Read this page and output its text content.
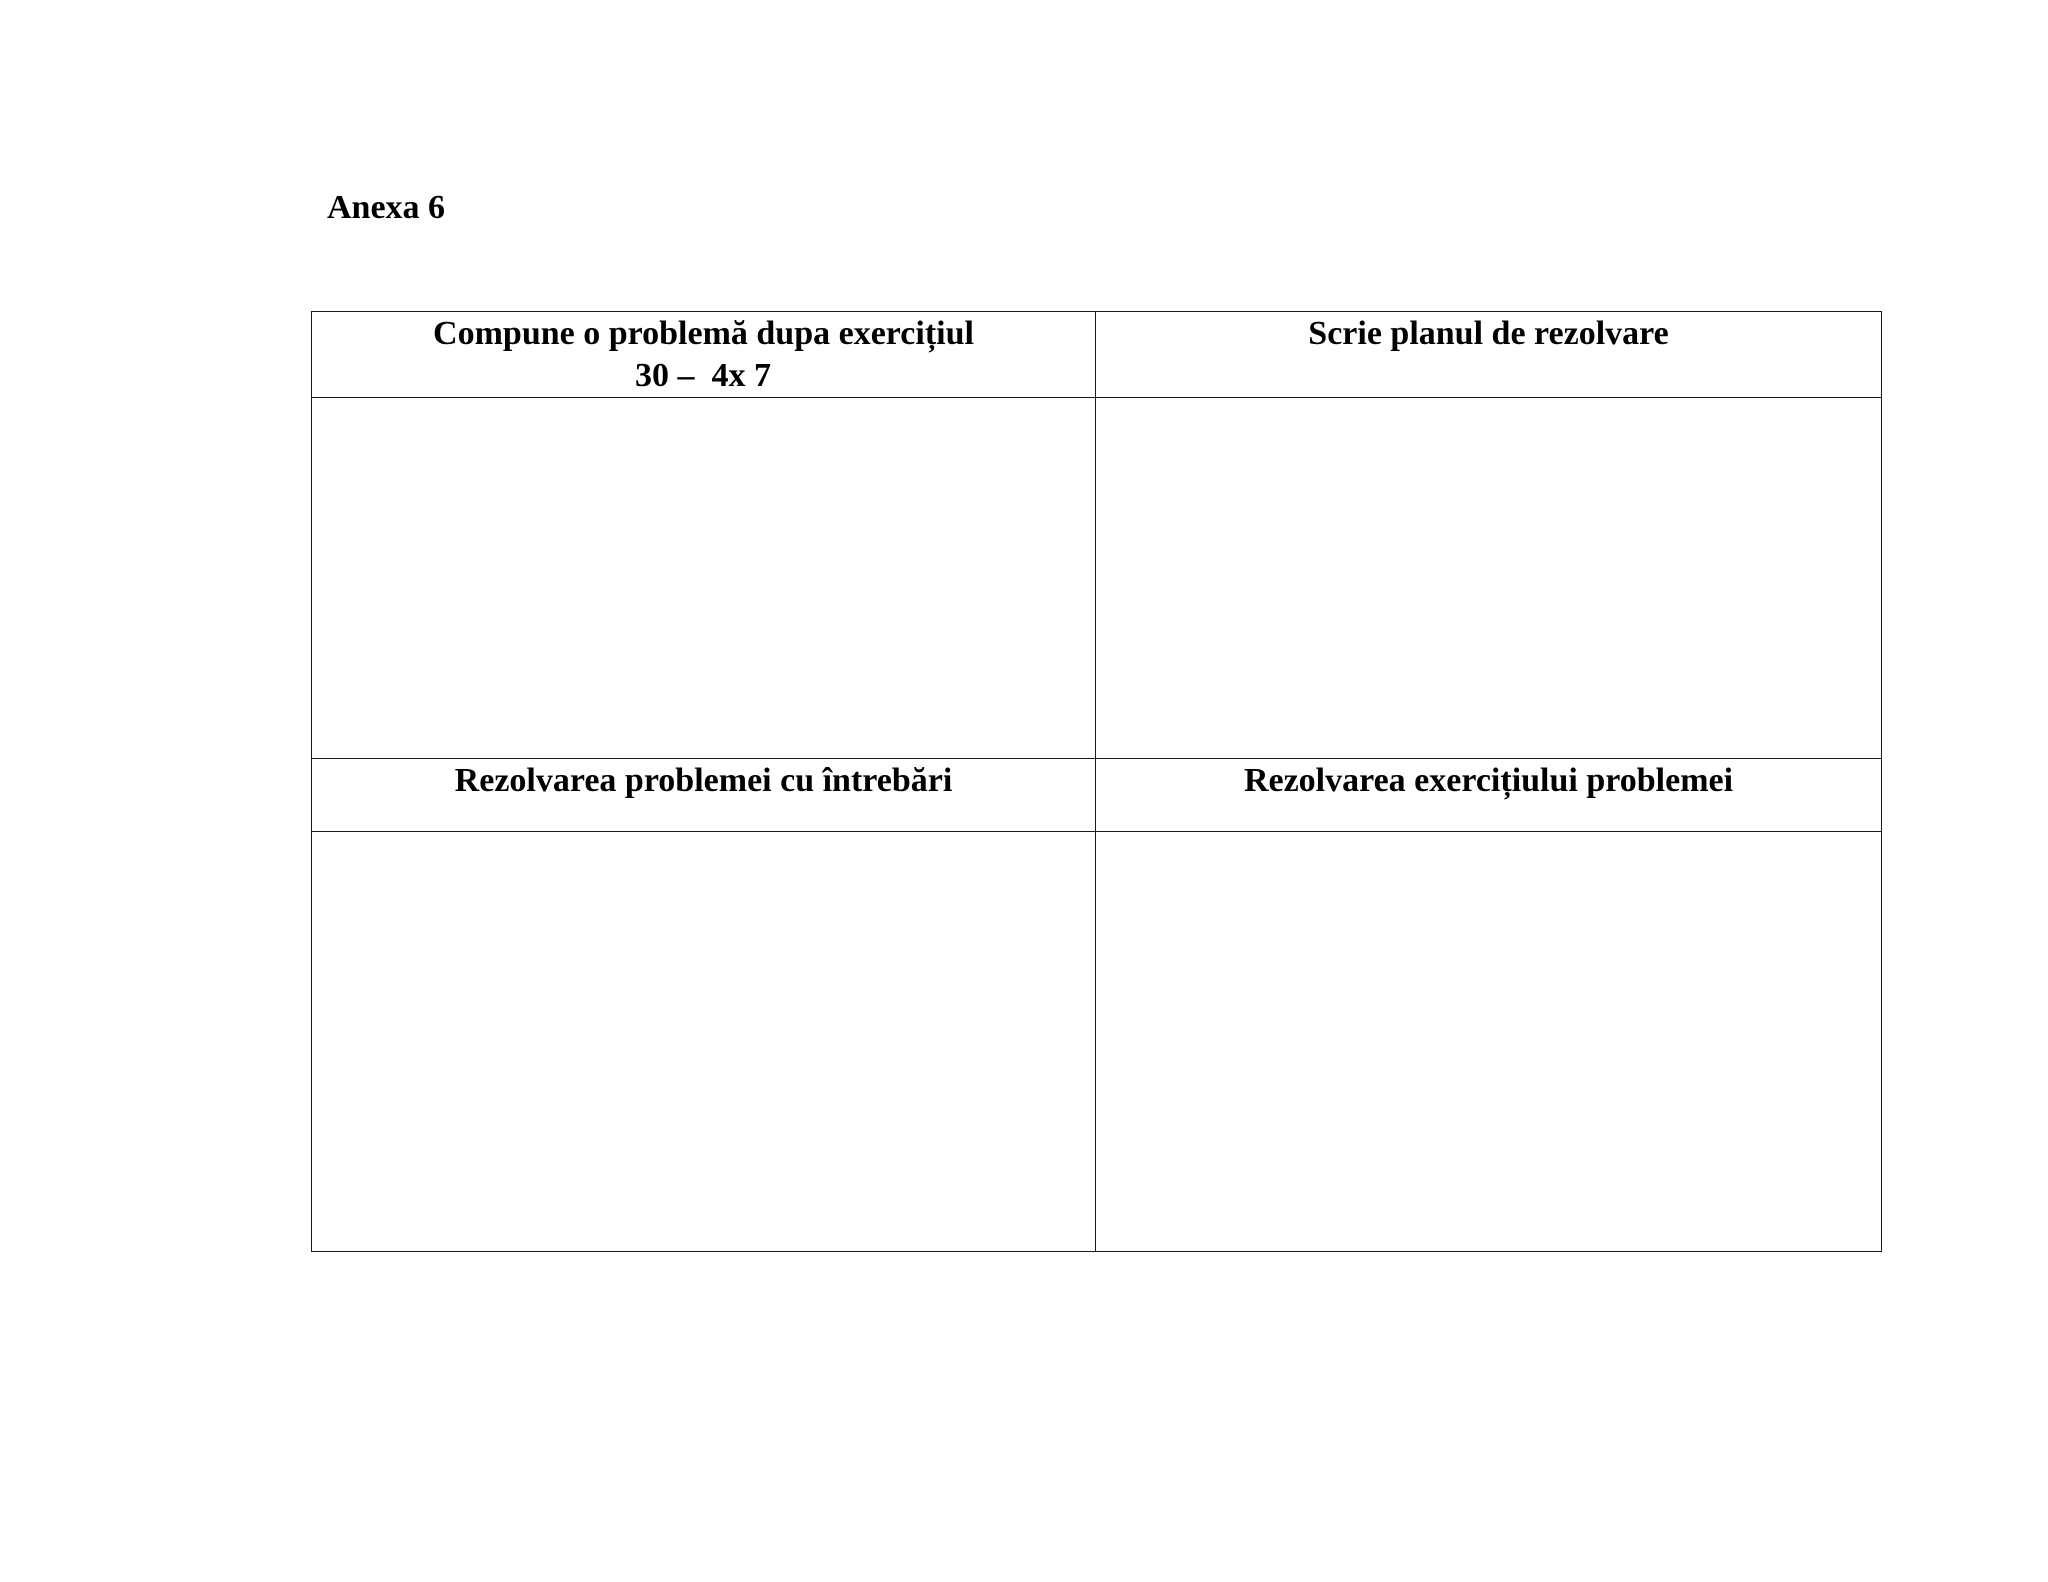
Anexa 6
Compune o problemă dupa exercițiul
30 –  4x 7	Scrie planul de rezolvare

Rezolvarea problemei cu întrebări	Rezolvarea exercițiului problemei
